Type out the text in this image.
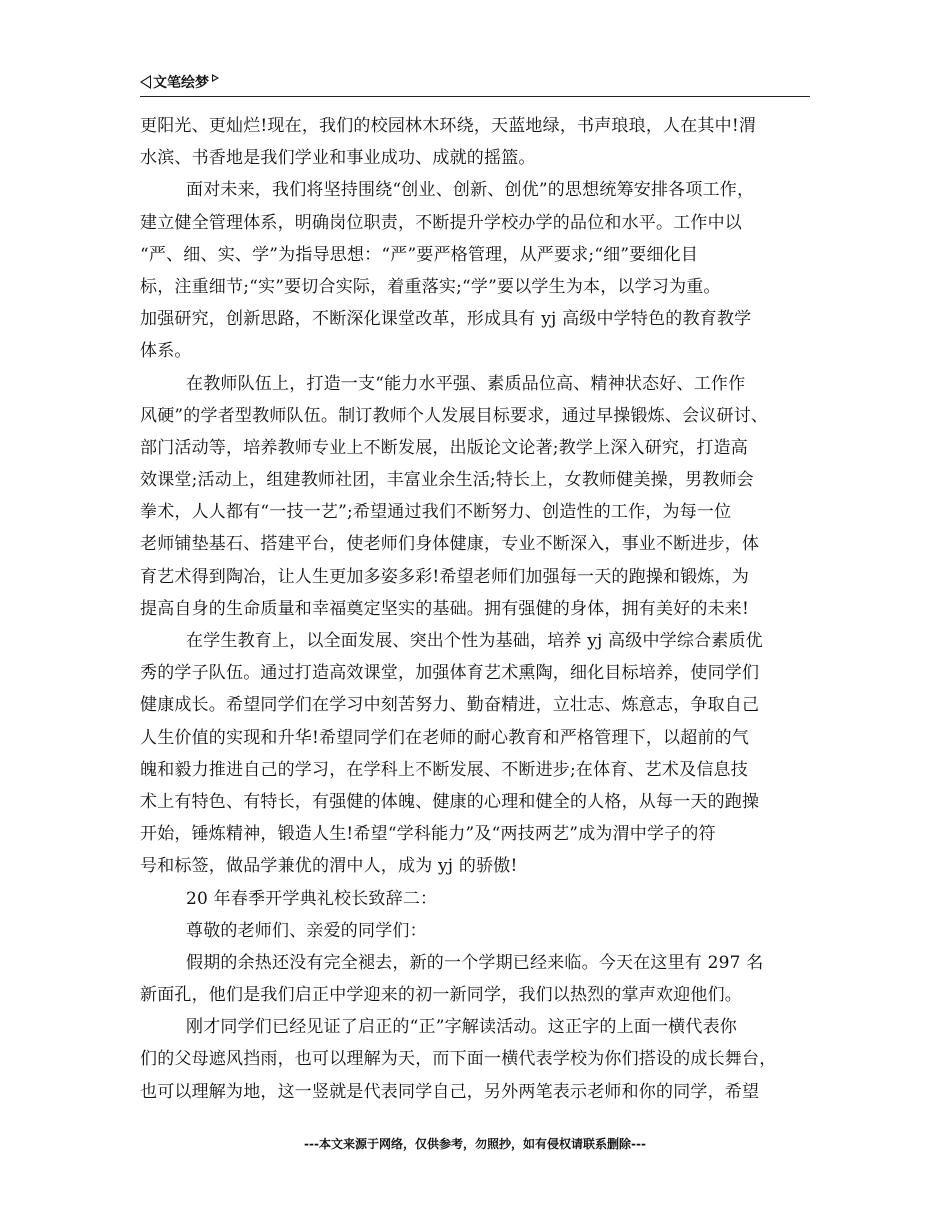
文笔绘梦
更阳光、更灿烂!现在，我们的校园林木环绕，天蓝地绿，书声琅琅，人在其中!渭
水滨、书香地是我们学业和事业成功、成就的摇篮。
面对未来，我们将坚持围绕“创业、创新、创优”的思想统筹安排各项工作，
建立健全管理体系，明确岗位职责，不断提升学校办学的品位和水平。工作中以
“严、细、实、学”为指导思想：“严”要严格管理，从严要求;“细”要细化目
标，注重细节;“实”要切合实际，着重落实;“学”要以学生为本，以学习为重。
加强研究，创新思路，不断深化课堂改革，形成具有 yj 高级中学特色的教育教学
体系。
在教师队伍上，打造一支“能力水平强、素质品位高、精神状态好、工作作
风硬”的学者型教师队伍。制订教师个人发展目标要求，通过早操锻炼、会议研讨、
部门活动等，培养教师专业上不断发展，出版论文论著;教学上深入研究，打造高
效课堂;活动上，组建教师社团，丰富业余生活;特长上，女教师健美操，男教师会
拳术，人人都有“一技一艺”;希望通过我们不断努力、创造性的工作，为每一位
老师铺垫基石、搭建平台，使老师们身体健康，专业不断深入，事业不断进步，体
育艺术得到陶冶，让人生更加多姿多彩!希望老师们加强每一天的跑操和锻炼，为
提高自身的生命质量和幸福奠定坚实的基础。拥有强健的身体，拥有美好的未来!
在学生教育上，以全面发展、突出个性为基础，培养 yj 高级中学综合素质优
秀的学子队伍。通过打造高效课堂，加强体育艺术熏陶，细化目标培养，使同学们
健康成长。希望同学们在学习中刻苦努力、勤奋精进，立壮志、炼意志，争取自己
人生价值的实现和升华!希望同学们在老师的耐心教育和严格管理下，以超前的气
魄和毅力推进自己的学习，在学科上不断发展、不断进步;在体育、艺术及信息技
术上有特色、有特长，有强健的体魄、健康的心理和健全的人格，从每一天的跑操
开始，锤炼精神，锻造人生!希望“学科能力”及“两技两艺”成为渭中学子的符
号和标签，做品学兼优的渭中人，成为 yj 的骄傲!
20 年春季开学典礼校长致辞二：
尊敬的老师们、亲爱的同学们：
假期的余热还没有完全褪去，新的一个学期已经来临。今天在这里有 297 名
新面孔，他们是我们启正中学迎来的初一新同学，我们以热烈的掌声欢迎他们。
刚才同学们已经见证了启正的“正”字解读活动。这正字的上面一横代表你
们的父母遮风挡雨，也可以理解为天，而下面一横代表学校为你们搭设的成长舞台，
也可以理解为地，这一竖就是代表同学自己，另外两笔表示老师和你的同学，希望
---本文来源于网络，仅供参考，勿照抄，如有侵权请联系删除---
